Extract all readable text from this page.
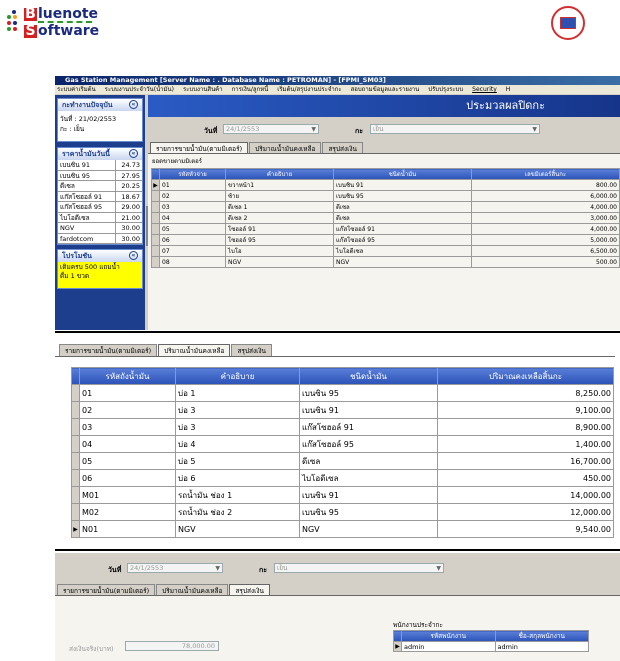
B luenote
S oftware
Gas Station Management [Server Name : . Database Name : PETROMAN] - [FPMI_SM03]
ระบบค่าเริ่มต้น ระบบงานประจำวัน(น้ำมัน) ระบบงานสินค้า การเงิน/ลูกหนี้ เริ่มต้น/สรุปงานประจำกะ สอบถามข้อมูลและรายงาน ปรับปรุงระบบ Security H
กะทำงานปัจจุบัน	«
วันที่ : 21/02/2553
กะ : เย็น
ราคาน้ำมันวันนี้	«
เบนซิน 91	24.73
เบนซิน 95	27.95
ดีเซล	20.25
แก๊สโซฮอล์ 91	18.67
แก๊สโซฮอล์ 95	29.00
ไบโอดีเซล	21.00
NGV	30.00
fardotcom	30.00
โปรโมชัน	«
เติมครบ 500 แถมน้ำ
ดื่ม 1 ขวด
ประมวลผลปิดกะ
วันที่	24/1/2553	▼	กะ	เย็น	▼
รายการขายน้ำมัน(ตามมิเตอร์)	ปริมาณน้ำมันคงเหลือ	สรุปส่งเงิน
ยอดขายตามมิเตอร์
	รหัสหัวจ่าย	คำอธิบาย	ชนิดน้ำมัน	เลขมิเตอร์สิ้นกะ
▶	01	ขวาหน้า1	เบนซิน 91	800.00
	02	ซ้าย	เบนซิน 95	6,000.00
	03	ดีเซล 1	ดีเซล	4,000.00
	04	ดีเซล 2	ดีเซล	3,000.00
	05	โซฮอล์ 91	แก๊สโซฮอล์ 91	4,000.00
	06	โซฮอล์ 95	แก๊สโซฮอล์ 95	5,000.00
	07	ไบโอ	ไบโอดีเซล	6,500.00
	08	NGV	NGV	500.00
รายการขายน้ำมัน(ตามมิเตอร์)	ปริมาณน้ำมันคงเหลือ	สรุปส่งเงิน
	รหัสถังน้ำมัน	คำอธิบาย	ชนิดน้ำมัน	ปริมาณคงเหลือสิ้นกะ
	01	บ่อ 1	เบนซิน 95	8,250.00
	02	บ่อ 3	เบนซิน 91	9,100.00
	03	บ่อ 3	แก๊สโซฮอล์ 91	8,900.00
	04	บ่อ 4	แก๊สโซฮอล์ 95	1,400.00
	05	บ่อ 5	ดีเซล	16,700.00
	06	บ่อ 6	ไบโอดีเซล	450.00
	M01	รถน้ำมัน ช่อง 1	เบนซิน 91	14,000.00
	M02	รถน้ำมัน ช่อง 2	เบนซิน 95	12,000.00
▶	N01	NGV	NGV	9,540.00
วันที่	24/1/2553	▼	กะ	เย็น	▼
รายการขายน้ำมัน(ตามมิเตอร์)	ปริมาณน้ำมันคงเหลือ	สรุปส่งเงิน
ส่งเงินจริง(บาท)	78,000.00
พนักงานประจำกะ
	รหัสพนักงาน	ชื่อ-สกุลพนักงาน
▶	admin	admin
